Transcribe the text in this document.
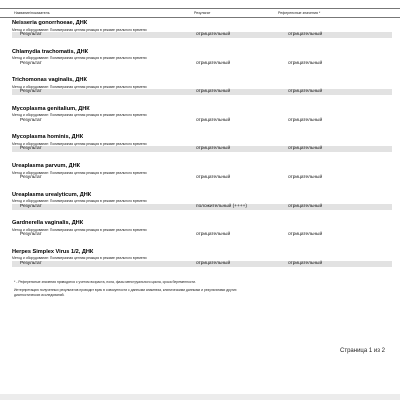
Название/показатель	Результат	Референсные значения *
Neisseria gonorrhoeae, ДНК
Метод и оборудование: Полимеразная цепная реакция в режиме реального времени
Результат	отрицательный	отрицательный
Chlamydia trachomatis, ДНК
Метод и оборудование: Полимеразная цепная реакция в режиме реального времени
Результат	отрицательный	отрицательный
Trichomonas vaginalis, ДНК
Метод и оборудование: Полимеразная цепная реакция в режиме реального времени
Результат	отрицательный	отрицательный
Mycoplasma genitalium, ДНК
Метод и оборудование: Полимеразная цепная реакция в режиме реального времени
Результат	отрицательный	отрицательный
Mycoplasma hominis, ДНК
Метод и оборудование: Полимеразная цепная реакция в режиме реального времени
Результат	отрицательный	отрицательный
Ureaplasma parvum, ДНК
Метод и оборудование: Полимеразная цепная реакция в режиме реального времени
Результат	отрицательный	отрицательный
Ureaplasma urealyticum, ДНК
Метод и оборудование: Полимеразная цепная реакция в режиме реального времени
Результат	положительный (++++)	отрицательный
Gardnerella vaginalis, ДНК
Метод и оборудование: Полимеразная цепная реакция в режиме реального времени
Результат	отрицательный	отрицательный
Herpes Simplex Virus 1/2, ДНК
Метод и оборудование: Полимеразная цепная реакция в режиме реального времени
Результат	отрицательный	отрицательный
* - Референсные значения приводятся с учетом возраста, пола, фазы менструального цикла, срока беременности.
Интерпретацию полученных результатов проводит врач в совокупности с данными анамнеза, клиническими данными и результатами других
диагностических исследований.
Страница 1 из 2
